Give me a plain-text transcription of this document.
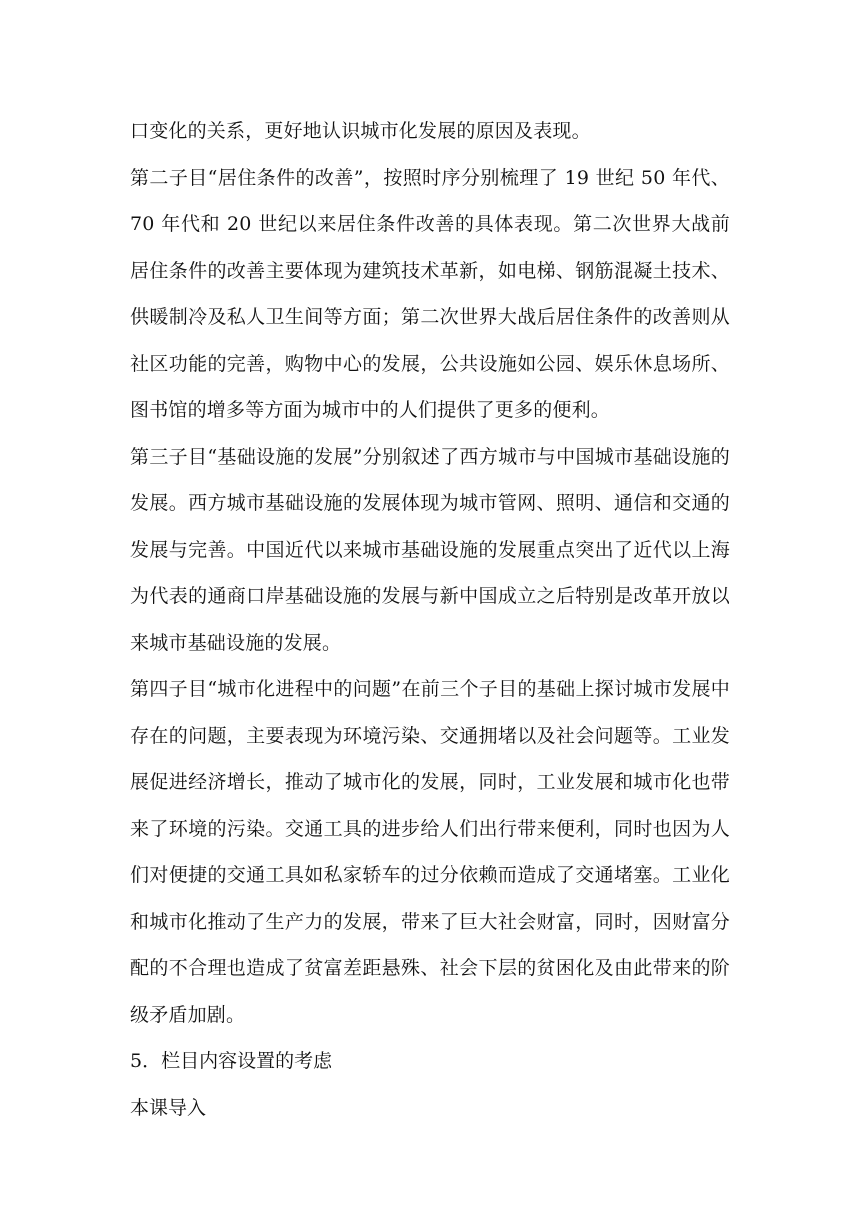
口变化的关系，更好地认识城市化发展的原因及表现。

第二子目“居住条件的改善”，按照时序分别梳理了 19 世纪 50 年代、70 年代和 20 世纪以来居住条件改善的具体表现。第二次世界大战前居住条件的改善主要体现为建筑技术革新，如电梯、钢筋混凝土技术、供暖制冷及私人卫生间等方面；第二次世界大战后居住条件的改善则从社区功能的完善，购物中心的发展，公共设施如公园、娱乐休息场所、图书馆的增多等方面为城市中的人们提供了更多的便利。

第三子目“基础设施的发展”分别叙述了西方城市与中国城市基础设施的发展。西方城市基础设施的发展体现为城市管网、照明、通信和交通的发展与完善。中国近代以来城市基础设施的发展重点突出了近代以上海为代表的通商口岸基础设施的发展与新中国成立之后特别是改革开放以来城市基础设施的发展。

第四子目“城市化进程中的问题”在前三个子目的基础上探讨城市发展中存在的问题，主要表现为环境污染、交通拥堵以及社会问题等。工业发展促进经济增长，推动了城市化的发展，同时，工业发展和城市化也带来了环境的污染。交通工具的进步给人们出行带来便利，同时也因为人们对便捷的交通工具如私家轿车的过分依赖而造成了交通堵塞。工业化和城市化推动了生产力的发展，带来了巨大社会财富，同时，因财富分配的不合理也造成了贫富差距悬殊、社会下层的贫困化及由此带来的阶级矛盾加剧。

5．栏目内容设置的考虑

本课导入
